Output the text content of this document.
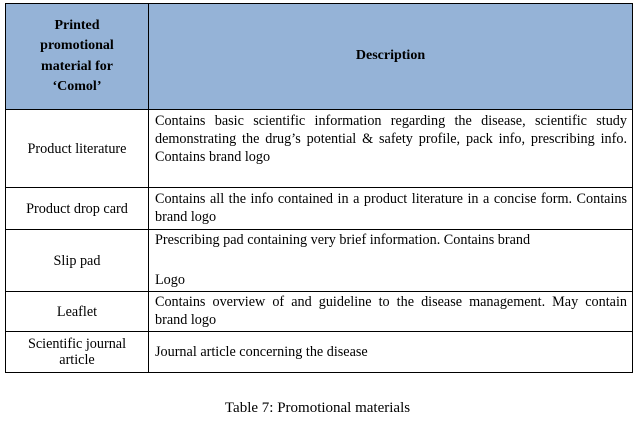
Printed promotional material for ‘Comol’	Description
Product literature	Contains basic scientific information regarding the disease, scientific study demonstrating the drug’s potential & safety profile, pack info, prescribing info. Contains brand logo
Product drop card	Contains all the info contained in a product literature in a concise form. Contains brand logo
Slip pad	Prescribing pad containing very brief information. Contains brand
Logo

Leaflet	Contains overview of and guideline to the disease management. May contain brand logo
Scientific journal article	Journal article concerning the disease
Table 7: Promotional materials
